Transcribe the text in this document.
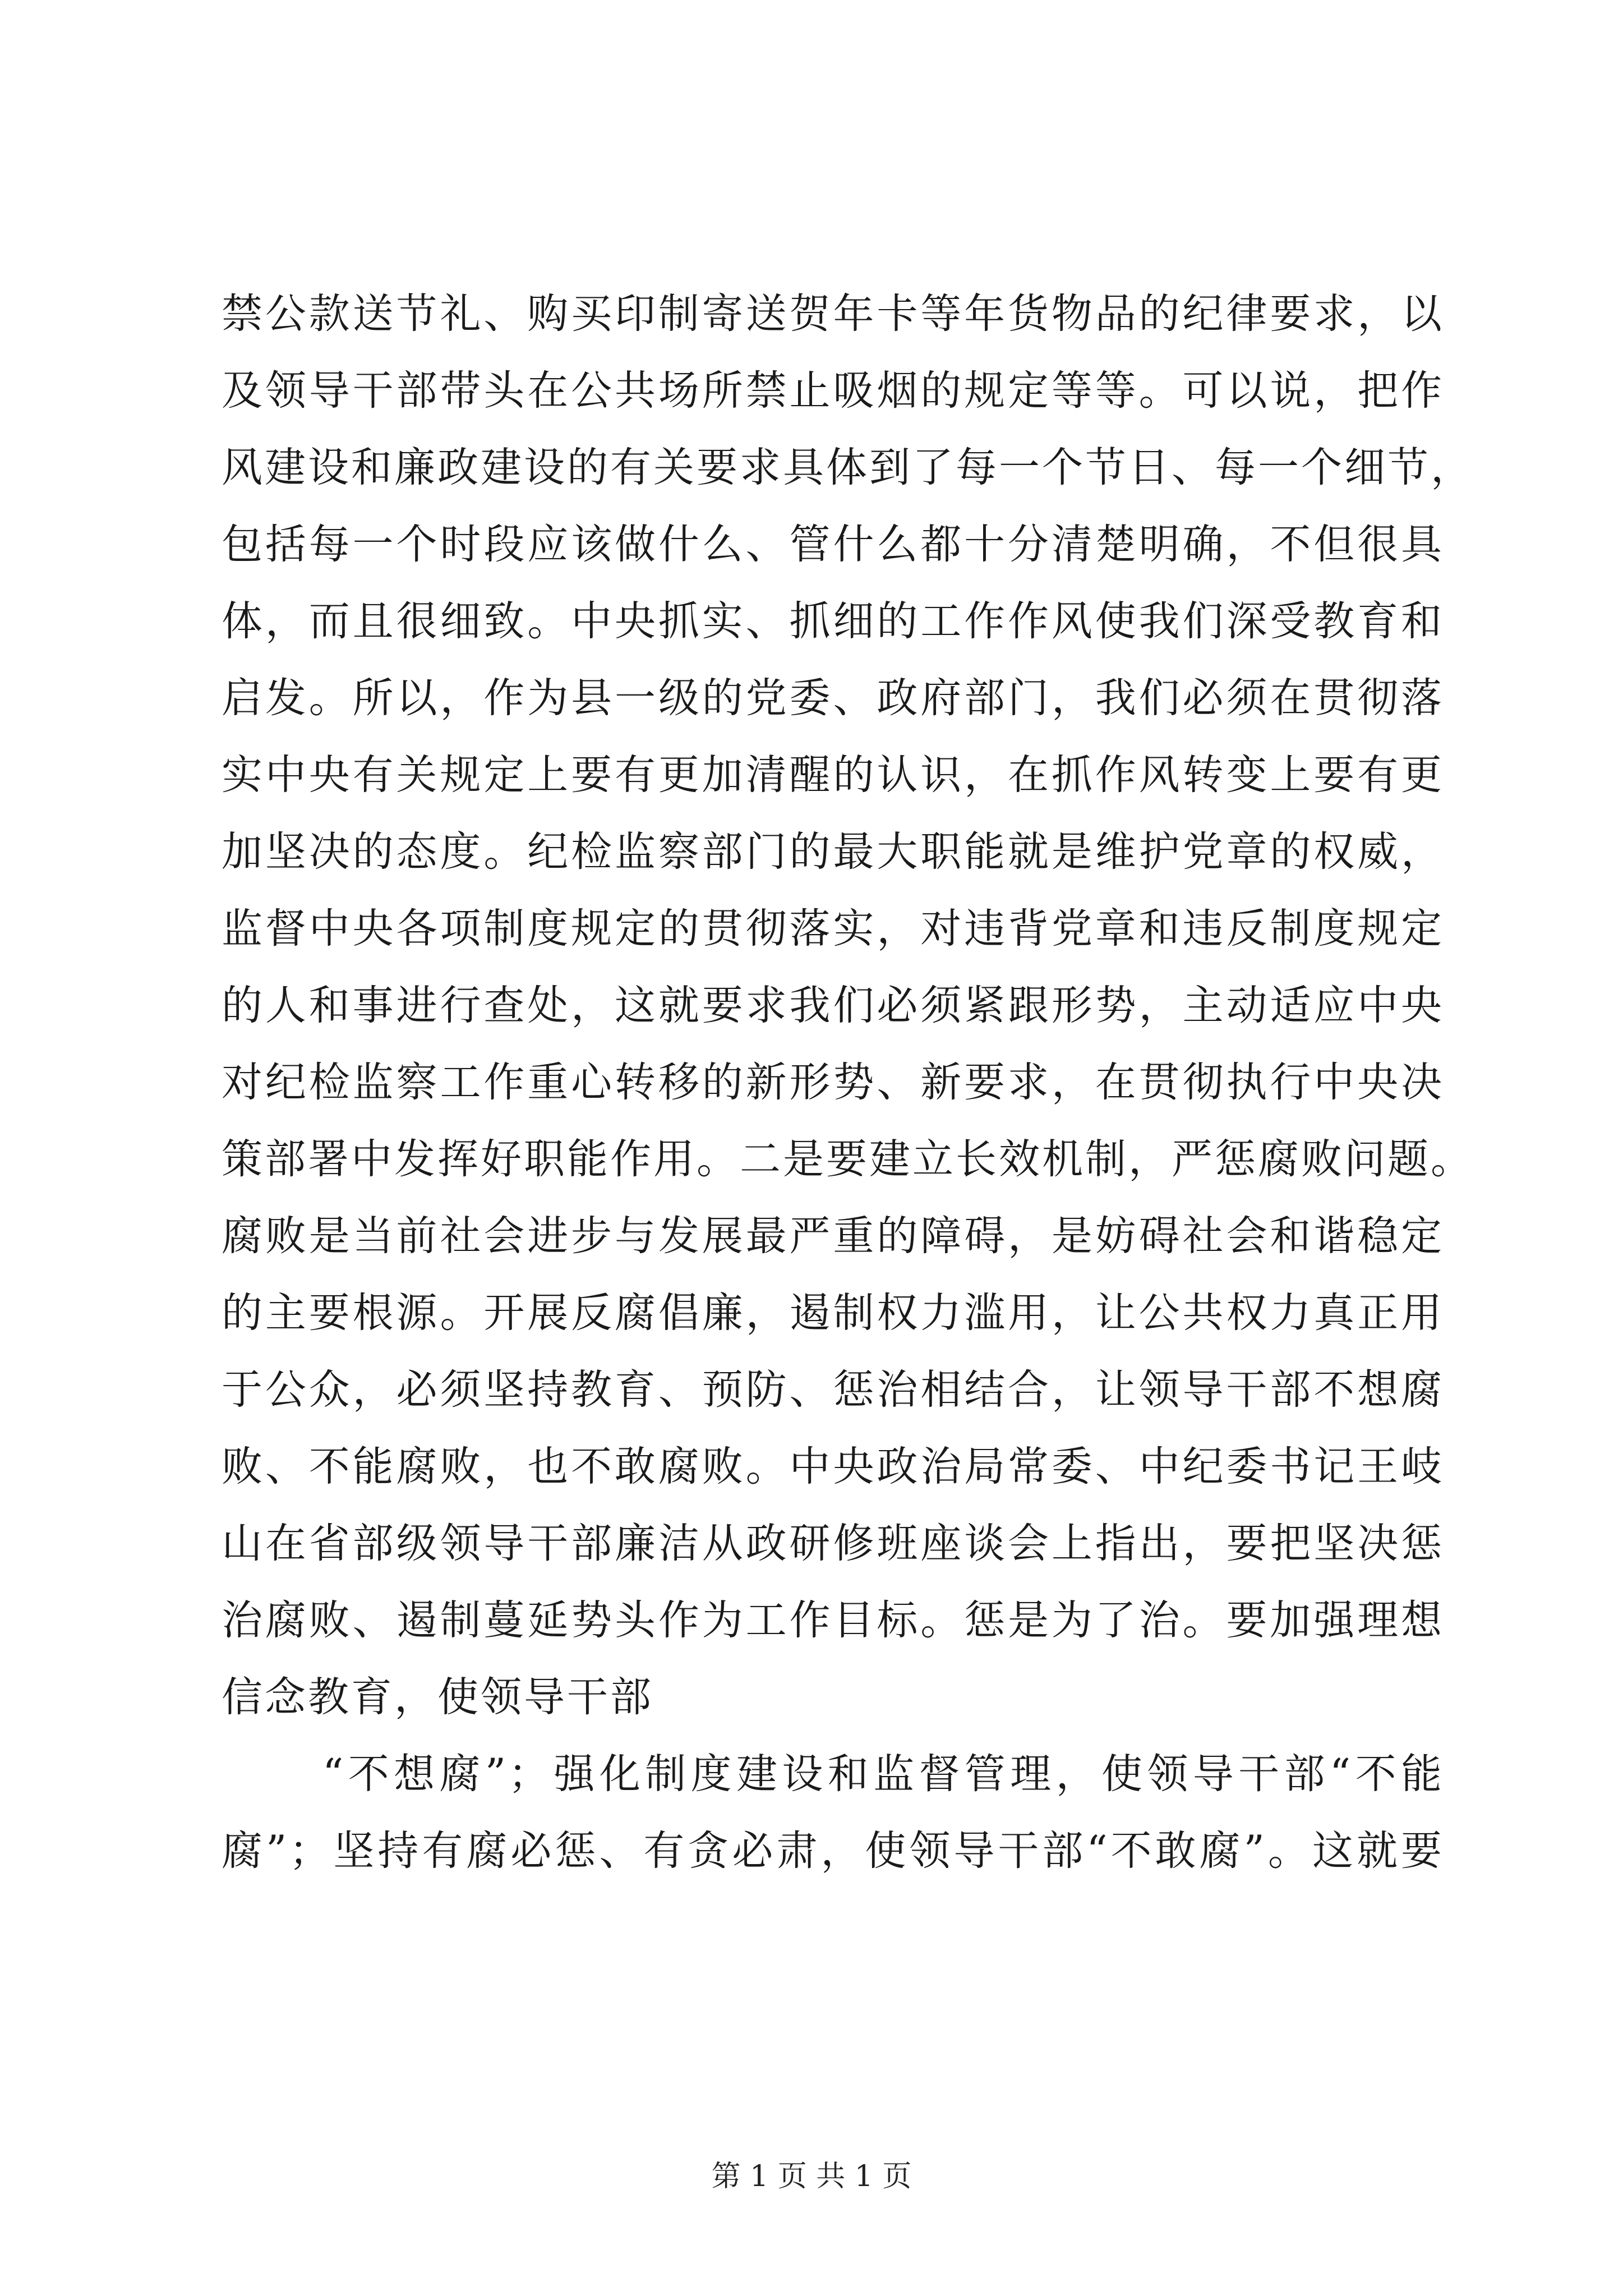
禁公款送节礼、购买印制寄送贺年卡等年货物品的纪律要求，以
及领导干部带头在公共场所禁止吸烟的规定等等。可以说，把作
风建设和廉政建设的有关要求具体到了每一个节日、每一个细节，
包括每一个时段应该做什么、管什么都十分清楚明确，不但很具
体，而且很细致。中央抓实、抓细的工作作风使我们深受教育和
启发。所以，作为县一级的党委、政府部门，我们必须在贯彻落
实中央有关规定上要有更加清醒的认识，在抓作风转变上要有更
加坚决的态度。纪检监察部门的最大职能就是维护党章的权威，
监督中央各项制度规定的贯彻落实，对违背党章和违反制度规定
的人和事进行查处，这就要求我们必须紧跟形势，主动适应中央
对纪检监察工作重心转移的新形势、新要求，在贯彻执行中央决
策部署中发挥好职能作用。二是要建立长效机制，严惩腐败问题。
腐败是当前社会进步与发展最严重的障碍，是妨碍社会和谐稳定
的主要根源。开展反腐倡廉，遏制权力滥用，让公共权力真正用
于公众，必须坚持教育、预防、惩治相结合，让领导干部不想腐
败、不能腐败，也不敢腐败。中央政治局常委、中纪委书记王岐
山在省部级领导干部廉洁从政研修班座谈会上指出，要把坚决惩
治腐败、遏制蔓延势头作为工作目标。惩是为了治。要加强理想
信念教育，使领导干部
“不想腐”；强化制度建设和监督管理，使领导干部“不能
腐”；坚持有腐必惩、有贪必肃，使领导干部“不敢腐”。这就要
第 1 页 共 1 页
